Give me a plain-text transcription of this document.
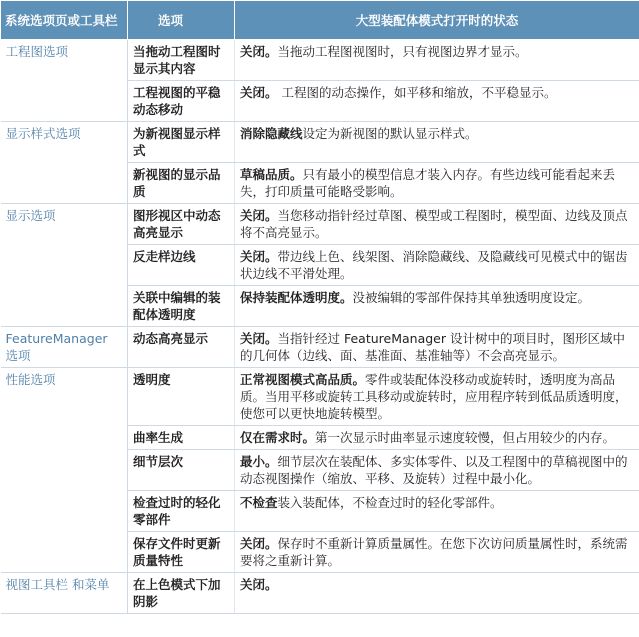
系统选项页或工具栏	选项	大型装配体模式打开时的状态
工程图选项	当拖动工程图时显示其内容	关闭。当拖动工程图视图时，只有视图边界才显示。
	工程视图的平稳动态移动	关闭。 工程图的动态操作，如平移和缩放，不平稳显示。
显示样式选项	为新视图显示样式	消除隐藏线设定为新视图的默认显示样式。
	新视图的显示品质	草稿品质。只有最小的模型信息才装入内存。有些边线可能看起来丢失，打印质量可能略受影响。
显示选项	图形视区中动态高亮显示	关闭。当您移动指针经过草图、模型或工程图时，模型面、边线及顶点将不高亮显示。
	反走样边线	关闭。带边线上色、线架图、消除隐藏线、及隐藏线可见模式中的锯齿状边线不平滑处理。
	关联中编辑的装配体透明度	保持装配体透明度。没被编辑的零部件保持其单独透明度设定。
FeatureManager 选项	动态高亮显示	关闭。当指针经过 FeatureManager 设计树中的项目时，图形区域中的几何体（边线、面、基准面、基准轴等）不会高亮显示。
性能选项	透明度	正常视图模式高品质。零件或装配体没移动或旋转时，透明度为高品质。当用平移或旋转工具移动或旋转时，应用程序转到低品质透明度，使您可以更快地旋转模型。
	曲率生成	仅在需求时。第一次显示时曲率显示速度较慢，但占用较少的内存。
	细节层次	最小。细节层次在装配体、多实体零件、以及工程图中的草稿视图中的动态视图操作（缩放、平移、及旋转）过程中最小化。
	检查过时的轻化零部件	不检查装入装配体，不检查过时的轻化零部件。
	保存文件时更新质量特性	关闭。保存时不重新计算质量属性。在您下次访问质量属性时，系统需要将之重新计算。
视图工具栏 和菜单	在上色模式下加阴影	关闭。
